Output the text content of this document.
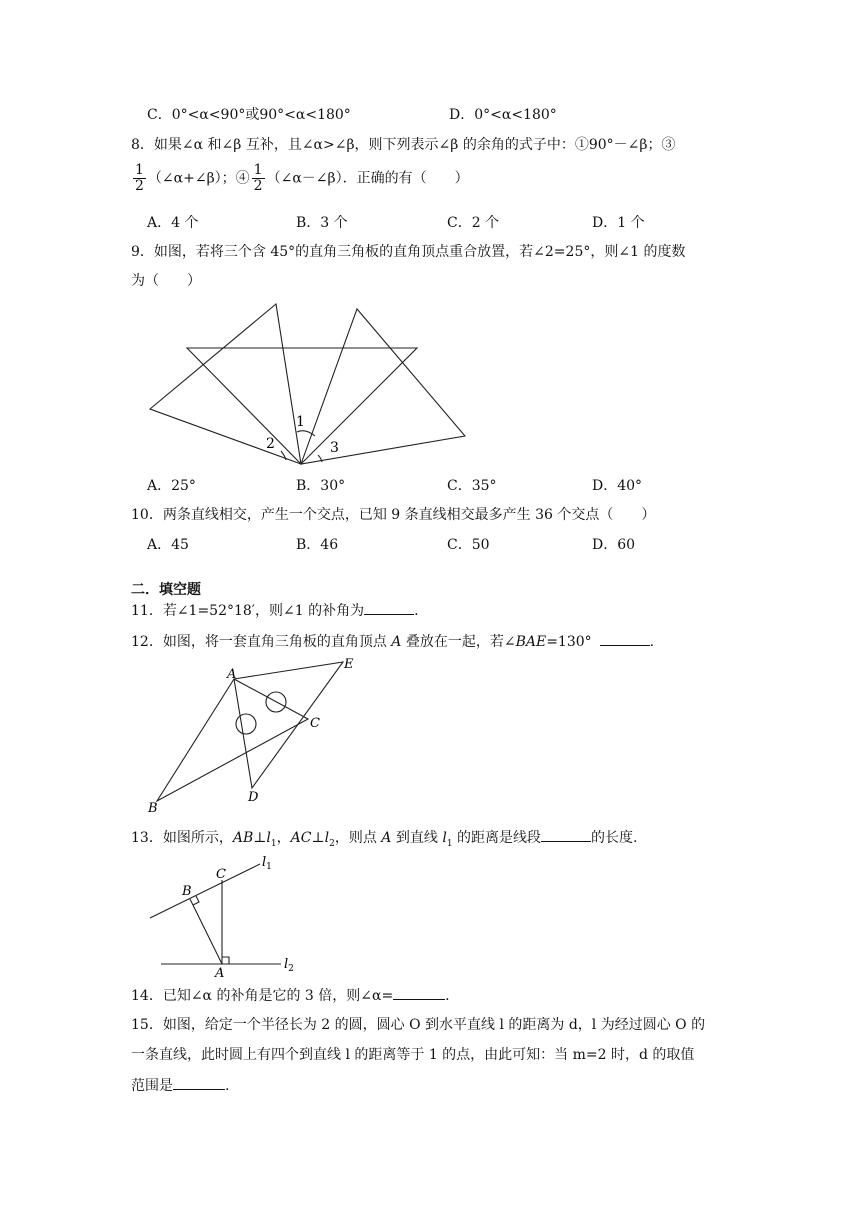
C．0°<α<90°或90°<α<180°	D．0°<α<180°
8．如果∠α 和∠β 互补，且∠α>∠β，则下列表示∠β 的余角的式子中：①90°－∠β；③
$\frac{1}{2}$ （∠α+∠β）；④ $\frac{1}{2}$ （∠α－∠β）．正确的有（　　）
A．4 个	B．3 个	C．2 个	D．1 个
9．如图，若将三个含 45°的直角三角板的直角顶点重合放置，若∠2=25°，则∠1 的度数
为（　　）
1
2	3
A．25°	B．30°	C．35°	D．40°
10．两条直线相交，产生一个交点，已知 9 条直线相交最多产生 36 个交点（　　）
A．45	B．46	C．50	D．60
二．填空题
11．若∠1=52°18′，则∠1 的补角为	.
12．如图，将一套直角三角板的直角顶点 A 叠放在一起，若∠BAE=130°	.
A
E
C
B
D
13．如图所示，$AB\perp l_1$，$AC\perp l_2$，则点 A 到直线 $l_1$ 的距离是线段	的长度.
C
B
A
$l_1$
$l_2$
14．已知∠α 的补角是它的 3 倍，则∠α=	.
15．如图，给定一个半径长为 2 的圆，圆心 O 到水平直线 l 的距离为 d，l 为经过圆心 O 的
一条直线，此时圆上有四个到直线 l 的距离等于 1 的点，由此可知：当 m=2 时，d 的取值
范围是	.
